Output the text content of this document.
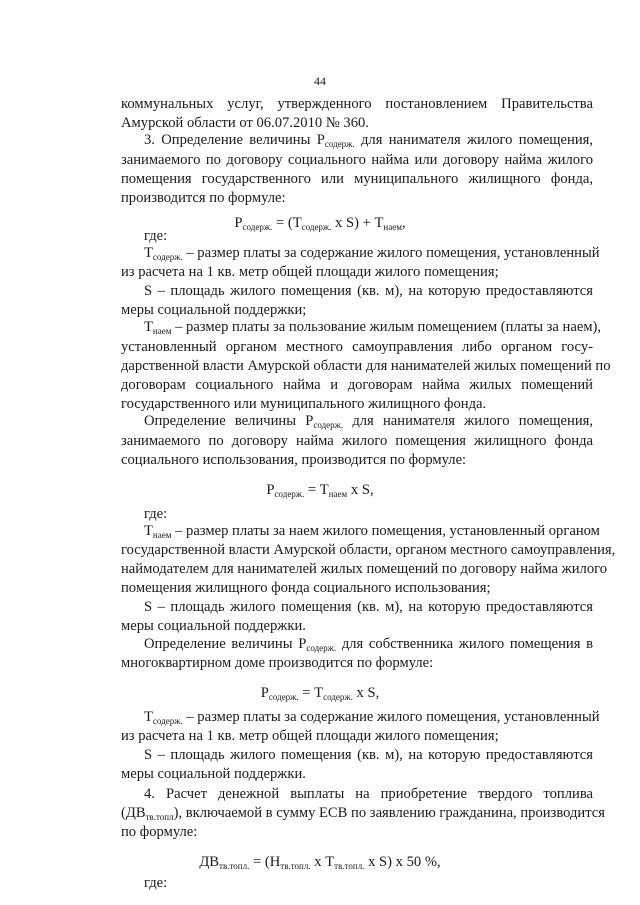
44
коммунальных услуг, утвержденного постановлением Правительства
Амурской области от 06.07.2010 № 360.
3. Определение величины $Р_{содерж.}$ для нанимателя жилого помещения,
занимаемого по договору социального найма или договору найма жилого
помещения государственного или муниципального жилищного фонда,
производится по формуле:
$Р_{содерж.} = (Т_{содерж.}$ х $S) + Т_{наем}$,
где:
$Т_{содерж.}$ – размер платы за содержание жилого помещения, установленный
из расчета на 1 кв. метр общей площади жилого помещения;
S – площадь жилого помещения (кв. м), на которую предоставляются
меры социальной поддержки;
$Т_{наем}$ – размер платы за пользование жилым помещением (платы за наем),
установленный органом местного самоуправления либо органом госу-
дарственной власти Амурской области для нанимателей жилых помещений по
договорам социального найма и договорам найма жилых помещений
государственного или муниципального жилищного фонда.
Определение величины $Р_{содерж.}$ для нанимателя жилого помещения,
занимаемого по договору найма жилого помещения жилищного фонда
социального использования, производится по формуле:
$Р_{содерж.} = Т_{наем}$ х S,
где:
$Т_{наем}$ – размер платы за наем жилого помещения, установленный органом
государственной власти Амурской области, органом местного самоуправления,
наймодателем для нанимателей жилых помещений по договору найма жилого
помещения жилищного фонда социального использования;
S – площадь жилого помещения (кв. м), на которую предоставляются
меры социальной поддержки.
Определение величины $Р_{содерж.}$ для собственника жилого помещения в
многоквартирном доме производится по формуле:
$Р_{содерж.} = Т_{содерж.}$ х S,
$Т_{содерж.}$ – размер платы за содержание жилого помещения, установленный
из расчета на 1 кв. метр общей площади жилого помещения;
S – площадь жилого помещения (кв. м), на которую предоставляются
меры социальной поддержки.
4. Расчет денежной выплаты на приобретение твердого топлива
$(ДВ_{тв.топл})$, включаемой в сумму ЕСВ по заявлению гражданина, производится
по формуле:
$ДВ_{тв.топл.} = (Н_{тв.топл.}$ х $Т_{тв.топл.}$ х S) х 50 %,
где:
